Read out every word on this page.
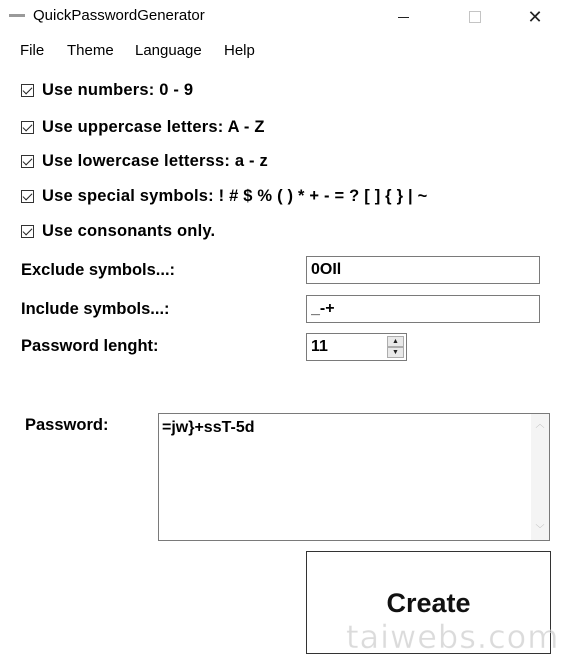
QuickPasswordGenerator	✕
File Theme Language Help
Use numbers: 0 - 9
Use uppercase letters: A - Z
Use lowercase letterss: a - z
Use special symbols: ! # $ % ( ) * + - = ? [ ] { } | ~
Use consonants only.
Exclude symbols...:
0OIl
Include symbols...:
_-+
Password lenght:
11	▲
▼
Password:	=jw}+ssT-5d	︿
﹀
Create
taiwebs.com
